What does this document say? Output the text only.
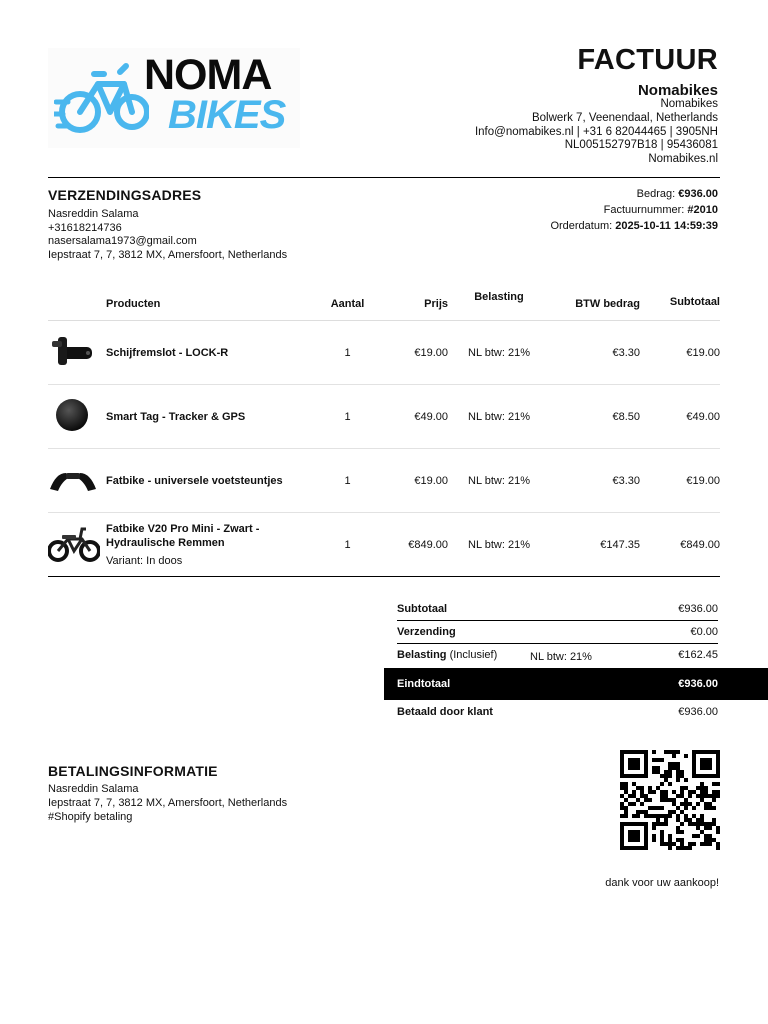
NOMA
BIKES
FACTUUR
Nomabikes
Nomabikes
Bolwerk 7, Veenendaal, Netherlands
Info@nomabikes.nl | +31 6 82044465 | 3905NH
NL005152797B18 | 95436081
Nomabikes.nl
VERZENDINGSADRES
Nasreddin Salama
+31618214736
nasersalama1973@gmail.com
Iepstraat 7, 7, 3812 MX, Amersfoort, Netherlands
Bedrag: €936.00
Factuurnummer: #2010
Orderdatum: 2025-10-11 14:59:39
	Producten	Aantal	Prijs	Belasting	BTW bedrag	Subtotaal
	Schijfremslot - LOCK-R	1	€19.00	NL btw: 21%	€3.30	€19.00
	Smart Tag - Tracker & GPS	1	€49.00	NL btw: 21%	€8.50	€49.00
	Fatbike - universele voetsteuntjes	1	€19.00	NL btw: 21%	€3.30	€19.00

Fatbike V20 Pro Mini - Zwart - Hydraulische Remmen
Variant: In doos	1	€849.00	NL btw: 21%	€147.35	€849.00
Subtotaal	€936.00
Verzending	€0.00
Belasting (Inclusief)	NL btw: 21%	€162.45
Eindtotaal	€936.00
Betaald door klant	€936.00
BETALINGSINFORMATIE
Nasreddin Salama
Iepstraat 7, 7, 3812 MX, Amersfoort, Netherlands
#Shopify betaling
dank voor uw aankoop!
